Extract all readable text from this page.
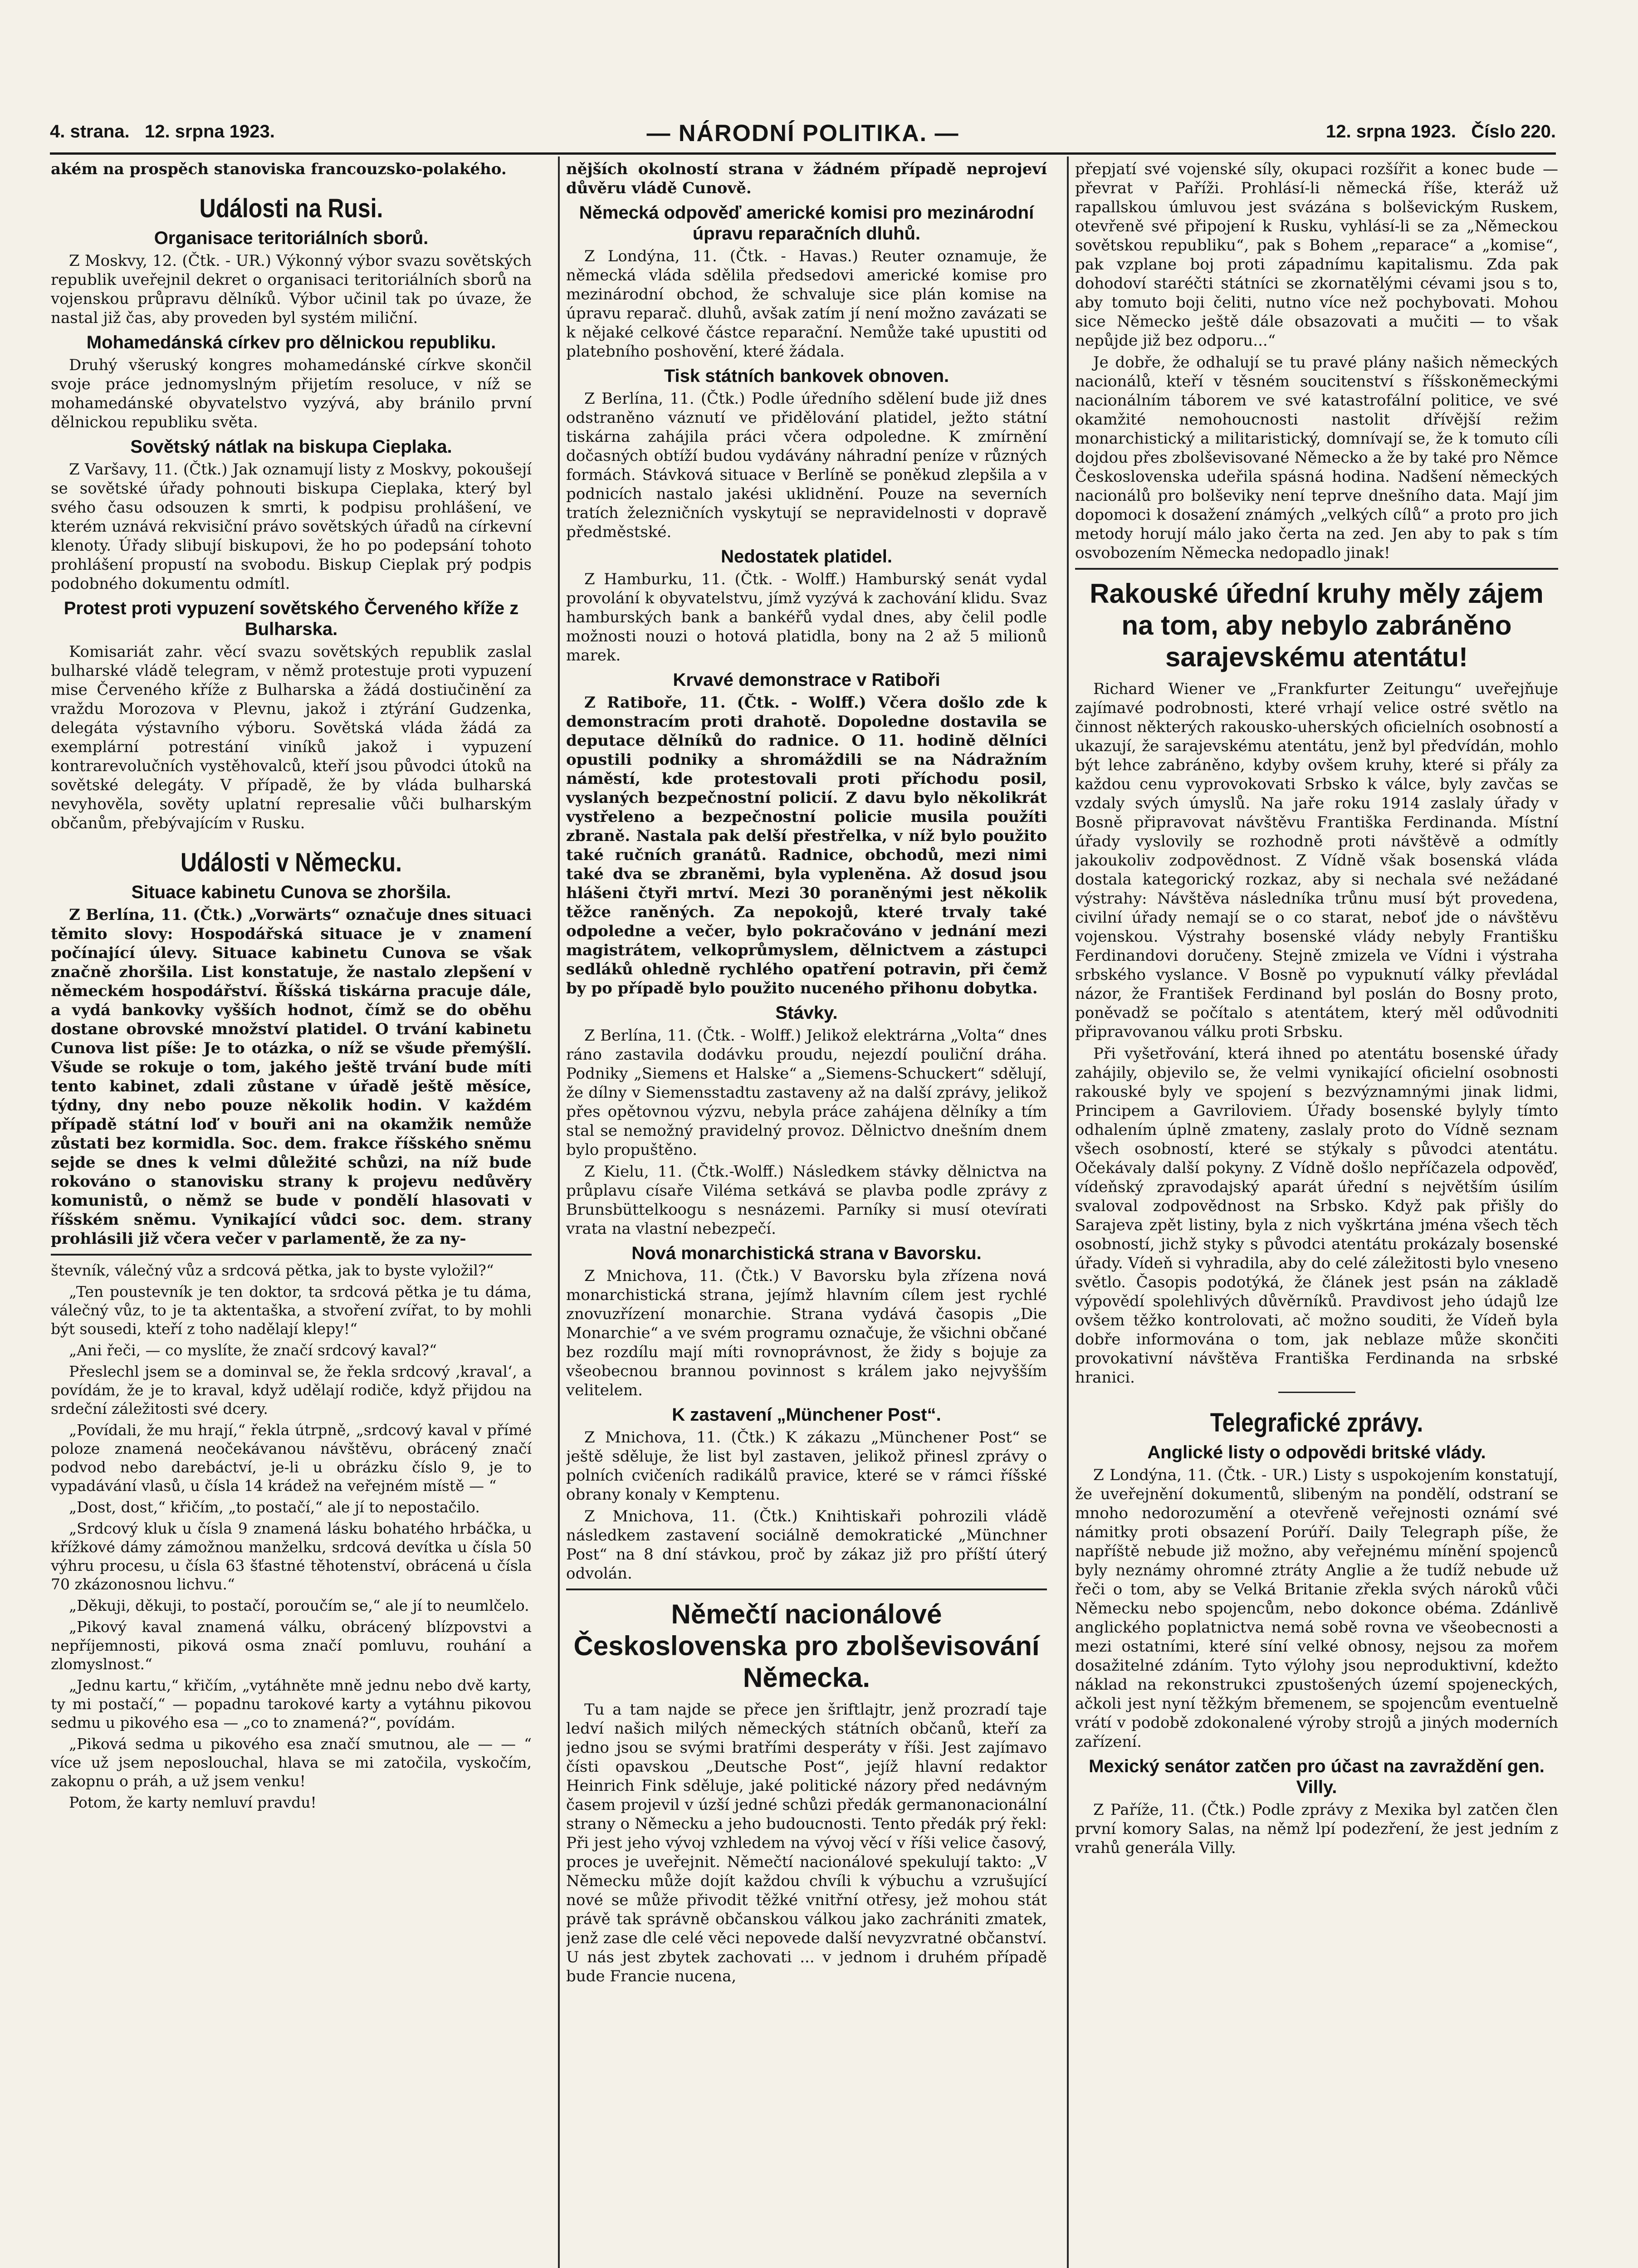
4. strana. 12. srpna 1923.	— NÁRODNÍ POLITIKA. —	12. srpna 1923. Číslo 220.

akém na prospěch stanoviska francouzsko-polakého.

Události na Rusi.
Organisace teritoriálních sborů.

Z Moskvy, 12. (Čtk. - UR.) Výkonný výbor svazu sovětských republik uveřejnil dekret o organisaci teritoriálních sborů na vojenskou průpravu dělníků. Výbor učinil tak po úvaze, že nastal již čas, aby proveden byl systém miliční.

Mohamedánská církev pro dělnickou republiku.

Druhý všeruský kongres mohamedánské církve skončil svoje práce jednomyslným přijetím resoluce, v níž se mohamedánské obyvatelstvo vyzývá, aby bránilo první dělnickou republiku světa.

Sovětský nátlak na biskupa Cieplaka.

Z Varšavy, 11. (Čtk.) Jak oznamují listy z Moskvy, pokoušejí se sovětské úřady pohnouti biskupa Cieplaka, který byl svého času odsouzen k smrti, k podpisu prohlášení, ve kterém uznává rekvisiční právo sovětských úřadů na církevní klenoty. Úřady slibují biskupovi, že ho po podepsání tohoto prohlášení propustí na svobodu. Biskup Cieplak prý podpis podobného dokumentu odmítl.

Protest proti vypuzení sovětského Červeného kříže z Bulharska.

Komisariát zahr. věcí svazu sovětských republik zaslal bulharské vládě telegram, v němž protestuje proti vypuzení mise Červeného kříže z Bulharska a žádá dostiučinění za vraždu Morozova v Plevnu, jakož i ztýrání Gudzenka, delegáta výstavního výboru. Sovětská vláda žádá za exemplární potrestání viníků jakož i vypuzení kontrarevolučních vystěhovalců, kteří jsou původci útoků na sovětské delegáty. V případě, že by vláda bulharská nevyhověla, sověty uplatní represalie vůči bulharským občanům, přebývajícím v Rusku.

Události v Německu.
Situace kabinetu Cunova se zhoršila.

Z Berlína, 11. (Čtk.) „Vorwärts“ označuje dnes situaci těmito slovy: Hospodářská situace je v znamení počínající úlevy. Situace kabinetu Cunova se však značně zhoršila. List konstatuje, že nastalo zlepšení v německém hospodářství. Říšská tiskárna pracuje dále, a vydá bankovky vyšších hodnot, čímž se do oběhu dostane obrovské množství platidel. O trvání kabinetu Cunova list píše: Je to otázka, o níž se všude přemýšlí. Všude se rokuje o tom, jakého ještě trvání bude míti tento kabinet, zdali zůstane v úřadě ještě měsíce, týdny, dny nebo pouze několik hodin. V každém případě státní loď v bouři ani na okamžik nemůže zůstati bez kormidla. Soc. dem. frakce říšského sněmu sejde se dnes k velmi důležité schůzi, na níž bude rokováno o stanovisku strany k projevu nedůvěry komunistů, o němž se bude v pondělí hlasovati v říšském sněmu. Vynikající vůdci soc. dem. strany prohlásili již včera večer v parlamentě, že za ny-

števník, válečný vůz a srdcová pětka, jak to byste vyložil?“

„Ten poustevník je ten doktor, ta srdcová pětka je tu dáma, válečný vůz, to je ta aktentaška, a stvoření zvířat, to by mohli být sousedi, kteří z toho nadělají klepy!“

„Ani řeči, — co myslíte, že značí srdcový kaval?“

Přeslechl jsem se a dominval se, že řekla srdcový ‚kraval‘, a povídám, že je to kraval, když udělají rodiče, když přijdou na srdeční záležitosti své dcery.

„Povídali, že mu hrají,“ řekla útrpně, „srdcový kaval v přímé poloze znamená neočekávanou návštěvu, obrácený značí podvod nebo darebáctví, je-li u obrázku číslo 9, je to vypadávání vlasů, u čísla 14 krádež na veřejném místě — “

„Dost, dost,“ křičím, „to postačí,“ ale jí to nepostačilo.

„Srdcový kluk u čísla 9 znamená lásku bohatého hrbáčka, u křížkové dámy zámožnou manželku, srdcová devítka u čísla 50 výhru procesu, u čísla 63 šťastné těhotenství, obrácená u čísla 70 zkázonosnou lichvu.“

„Děkuji, děkuji, to postačí, poroučím se,“ ale jí to neumlčelo.

„Pikový kaval znamená válku, obrácený blízpovstvi a nepříjemnosti, piková osma značí pomluvu, rouhání a zlomyslnost.“

„Jednu kartu,“ křičím, „vytáhněte mně jednu nebo dvě karty, ty mi postačí,“ — popadnu tarokové karty a vytáhnu pikovou sedmu u pikového esa — „co to znamená?“, povídám.

„Piková sedma u pikového esa značí smutnou, ale — — “ více už jsem neposlouchal, hlava se mi zatočila, vyskočím, zakopnu o práh, a už jsem venku!

Potom, že karty nemluví pravdu!

nějších okolností strana v žádném případě neprojeví důvěru vládě Cunově.

Německá odpověď americké komisi pro mezinárodní úpravu reparačních dluhů.

Z Londýna, 11. (Čtk. - Havas.) Reuter oznamuje, že německá vláda sdělila předsedovi americké komise pro mezinárodní obchod, že schvaluje sice plán komise na úpravu reparač. dluhů, avšak zatím jí není možno zavázati se k nějaké celkové částce reparační. Nemůže také upustiti od platebního poshovění, které žádala.

Tisk státních bankovek obnoven.

Z Berlína, 11. (Čtk.) Podle úředního sdělení bude již dnes odstraněno váznutí ve přidělování platidel, ježto státní tiskárna zahájila práci včera odpoledne. K zmírnění dočasných obtíží budou vydávány náhradní peníze v různých formách. Stávková situace v Berlíně se poněkud zlepšila a v podnicích nastalo jakési uklidnění. Pouze na severních tratích železničních vyskytují se nepravidelnosti v dopravě předměstské.

Nedostatek platidel.

Z Hamburku, 11. (Čtk. - Wolff.) Hamburský senát vydal provolání k obyvatelstvu, jímž vyzývá k zachování klidu. Svaz hamburských bank a bankéřů vydal dnes, aby čelil podle možnosti nouzi o hotová platidla, bony na 2 až 5 milionů marek.

Krvavé demonstrace v Ratiboři

Z Ratiboře, 11. (Čtk. - Wolff.) Včera došlo zde k demonstracím proti drahotě. Dopoledne dostavila se deputace dělníků do radnice. O 11. hodině dělníci opustili podniky a shromáždili se na Nádražním náměstí, kde protestovali proti příchodu posil, vyslaných bezpečnostní policií. Z davu bylo několikrát vystřeleno a bezpečnostní policie musila použíti zbraně. Nastala pak delší přestřelka, v níž bylo použito také ručních granátů. Radnice, obchodů, mezi nimi také dva se zbraněmi, byla vypleněna. Až dosud jsou hlášeni čtyři mrtví. Mezi 30 poraněnými jest několik těžce raněných. Za nepokojů, které trvaly také odpoledne a večer, bylo pokračováno v jednání mezi magistrátem, velkoprůmyslem, dělnictvem a zástupci sedláků ohledně rychlého opatření potravin, při čemž by po případě bylo použito nuceného přihonu dobytka.

Stávky.

Z Berlína, 11. (Čtk. - Wolff.) Jelikož elektrárna „Volta“ dnes ráno zastavila dodávku proudu, nejezdí pouliční dráha. Podniky „Siemens et Halske“ a „Siemens-Schuckert“ sdělují, že dílny v Siemensstadtu zastaveny až na další zprávy, jelikož přes opětovnou výzvu, nebyla práce zahájena dělníky a tím stal se nemožný pravidelný provoz. Dělnictvo dnešním dnem bylo propuštěno.

Z Kielu, 11. (Čtk.-Wolff.) Následkem stávky dělnictva na průplavu císaře Viléma setkává se plavba podle zprávy z Brunsbüttelkoogu s nesnázemi. Parníky si musí otevírati vrata na vlastní nebezpečí.

Nová monarchistická strana v Bavorsku.

Z Mnichova, 11. (Čtk.) V Bavorsku byla zřízena nová monarchistická strana, jejímž hlavním cílem jest rychlé znovuzřízení monarchie. Strana vydává časopis „Die Monarchie“ a ve svém programu označuje, že všichni občané bez rozdílu mají míti rovnoprávnost, že židy s bojuje za všeobecnou brannou povinnost s králem jako nejvyšším velitelem.

K zastavení „Münchener Post“.

Z Mnichova, 11. (Čtk.) K zákazu „Münchener Post“ se ještě sděluje, že list byl zastaven, jelikož přinesl zprávy o polních cvičeních radikálů pravice, které se v rámci říšské obrany konaly v Kemptenu.

Z Mnichova, 11. (Čtk.) Knihtiskaři pohrozili vládě následkem zastavení sociálně demokratické „Münchner Post“ na 8 dní stávkou, proč by zákaz již pro příští úterý odvolán.

Němečtí nacionálové Československa pro zbolševisování Německa.

Tu a tam najde se přece jen šriftlajtr, jenž prozradí taje ledví našich milých německých státních občanů, kteří za jedno jsou se svými bratřími desperáty v říši. Jest zajímavo čísti opavskou „Deutsche Post“, jejíž hlavní redaktor Heinrich Fink sděluje, jaké politické názory před nedávným časem projevil v úzší jedné schůzi předák germanonacionální strany o Německu a jeho budoucnosti. Tento předák prý řekl: Při jest jeho vývoj vzhledem na vývoj věcí v říši velice časový, proces je uveřejnit. Němečtí nacionálové spekulují takto: „V Německu může dojít každou chvíli k výbuchu a vzrušující nové se může přivodit těžké vnitřní otřesy, jež mohou stát právě tak správně občanskou válkou jako zachrániti zmatek, jenž zase dle celé věci nepovede další nevyzvratné občanství. U nás jest zbytek zachovati ... v jednom i druhém případě bude Francie nucena,

přepjatí své vojenské síly, okupaci rozšířit a konec bude — převrat v Paříži. Prohlásí-li německá říše, kteráž už rapallskou úmluvou jest svázána s bolševickým Ruskem, otevřeně své připojení k Rusku, vyhlásí-li se za „Německou sovětskou republiku“, pak s Bohem „reparace“ a „komise“, pak vzplane boj proti západnímu kapitalismu. Zda pak dohodoví staréčti státníci se zkornatělými cévami jsou s to, aby tomuto boji čeliti, nutno více než pochybovati. Mohou sice Německo ještě dále obsazovati a mučiti — to však nepůjde již bez odporu...“

Je dobře, že odhalují se tu pravé plány našich německých nacionálů, kteří v těsném soucitenství s říšskoněmeckými nacionálním táborem ve své katastrofální politice, ve své okamžité nemohoucnosti nastolit dřívější režim monarchistický a militaristický, domnívají se, že k tomuto cíli dojdou přes zbolševisované Německo a že by také pro Němce Československa udeřila spásná hodina. Nadšení německých nacionálů pro bolševiky není teprve dnešního data. Mají jim dopomoci k dosažení známých „velkých cílů“ a proto pro jich metody horují málo jako čerta na zed. Jen aby to pak s tím osvobozením Německa nedopadlo jinak!

Rakouské úřední kruhy měly zájem na tom, aby nebylo zabráněno sarajevskému atentátu!

Richard Wiener ve „Frankfurter Zeitungu“ uveřejňuje zajímavé podrobnosti, které vrhají velice ostré světlo na činnost některých rakousko-uherských oficielních osobností a ukazují, že sarajevskému atentátu, jenž byl předvídán, mohlo být lehce zabráněno, kdyby ovšem kruhy, které si přály za každou cenu vyprovokovati Srbsko k válce, byly zavčas se vzdaly svých úmyslů. Na jaře roku 1914 zaslaly úřady v Bosně připravovat návštěvu Františka Ferdinanda. Místní úřady vyslovily se rozhodně proti návštěvě a odmítly jakoukoliv zodpovědnost. Z Vídně však bosenská vláda dostala kategorický rozkaz, aby si nechala své nežádané výstrahy: Návštěva následníka trůnu musí být provedena, civilní úřady nemají se o co starat, neboť jde o návštěvu vojenskou. Výstrahy bosenské vlády nebyly Františku Ferdinandovi doručeny. Stejně zmizela ve Vídni i výstraha srbského vyslance. V Bosně po vypuknutí války převládal názor, že František Ferdinand byl poslán do Bosny proto, poněvadž se počítalo s atentátem, který měl odůvodniti připravovanou válku proti Srbsku.

Při vyšetřování, která ihned po atentátu bosenské úřady zahájily, objevilo se, že velmi vynikající oficielní osobnosti rakouské byly ve spojení s bezvýznamnými jinak lidmi, Principem a Gavriloviem. Úřady bosenské bylyly tímto odhalením úplně zmateny, zaslaly proto do Vídně seznam všech osobností, které se stýkaly s původci atentátu. Očekávaly další pokyny. Z Vídně došlo nepříčazela odpověď, vídeňský zpravodajský aparát úřední s největším úsilím svaloval zodpovědnost na Srbsko. Když pak přišly do Sarajeva zpět listiny, byla z nich vyškrtána jména všech těch osobností, jichž styky s původci atentátu prokázaly bosenské úřady. Vídeň si vyhradila, aby do celé záležitosti bylo vneseno světlo. Časopis podotýká, že článek jest psán na základě výpovědí spolehlivých důvěrníků. Pravdivost jeho údajů lze ovšem těžko kontrolovati, ač možno souditi, že Vídeň byla dobře informována o tom, jak neblaze může skončiti provokativní návštěva Františka Ferdinanda na srbské hranici.

Telegrafické zprávy.
Anglické listy o odpovědi britské vlády.

Z Londýna, 11. (Čtk. - UR.) Listy s uspokojením konstatují, že uveřejnění dokumentů, slibeným na pondělí, odstraní se mnoho nedorozumění a otevřeně veřejnosti oznámí své námitky proti obsazení Porúří. Daily Telegraph píše, že napříště nebude již možno, aby veřejnému mínění spojenců byly neznámy ohromné ztráty Anglie a že tudíž nebude už řeči o tom, aby se Velká Britanie zřekla svých nároků vůči Německu nebo spojencům, nebo dokonce obéma. Zdánlivě anglického poplatnictva nemá sobě rovna ve všeobecnosti a mezi ostatními, které síní velké obnosy, nejsou za mořem dosažitelné zdáním. Tyto výlohy jsou neproduktivní, kdežto náklad na rekonstrukci zpustošených území spojeneckých, ačkoli jest nyní těžkým břemenem, se spojencům eventuelně vrátí v podobě zdokonalené výroby strojů a jiných moderních zařízení.

Mexický senátor zatčen pro účast na zavraždění gen. Villy.

Z Paříže, 11. (Čtk.) Podle zprávy z Mexika byl zatčen člen první komory Salas, na němž lpí podezření, že jest jedním z vrahů generála Villy.
